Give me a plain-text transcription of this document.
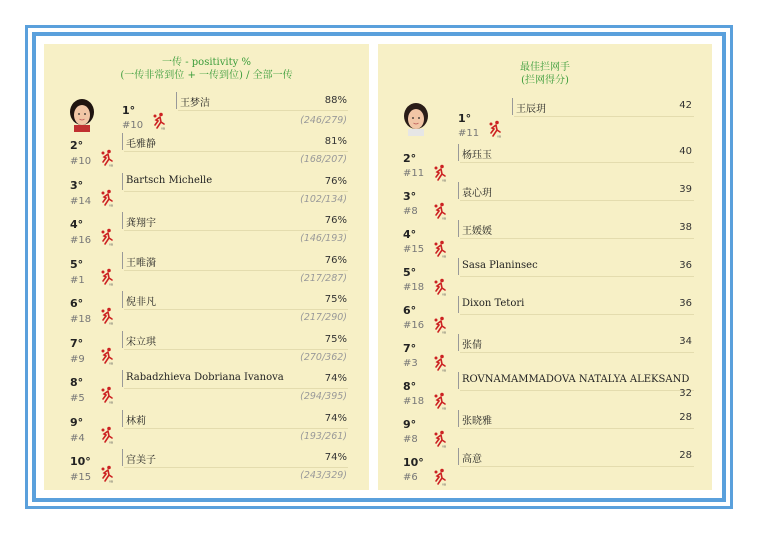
一传 - positivity %
(一传非常到位 + 一传到位) / 全部一传
1°
#10	VB
王梦洁	88%
(246/279)
2°
#10	VB
毛雅静	81%
(168/207)
3°
#14	VB
Bartsch Michelle	76%
(102/134)
4°
#16	VB
龚翔宇	76%
(146/193)
5°
#1	VB
王唯漪	76%
(217/287)
6°
#18	VB
倪非凡	75%
(217/290)
7°
#9	VB
宋立琪	75%
(270/362)
8°
#5	VB
Rabadzhieva Dobriana Ivanova	74%
(294/395)
9°
#4	VB
林莉	74%
(193/261)
10°
#15	VB
宫美子	74%
(243/329)
最佳拦网手
(拦网得分)
1°
#11	VB
王辰玥	42
2°
#11
VB
杨珏玉	40
3°
#8
VB
袁心玥	39
4°
#15
VB
王媛媛	38
5°
#18
VB
Sasa Planinsec	36
6°
#16
VB
Dixon Tetori	36
7°
#3
VB
张倩	34
8°
#18
VB
ROVNAMAMMADOVA NATALYA ALEKSAND
32
9°
#8
VB
张晓雅	28
10°
#6
VB
高意	28
